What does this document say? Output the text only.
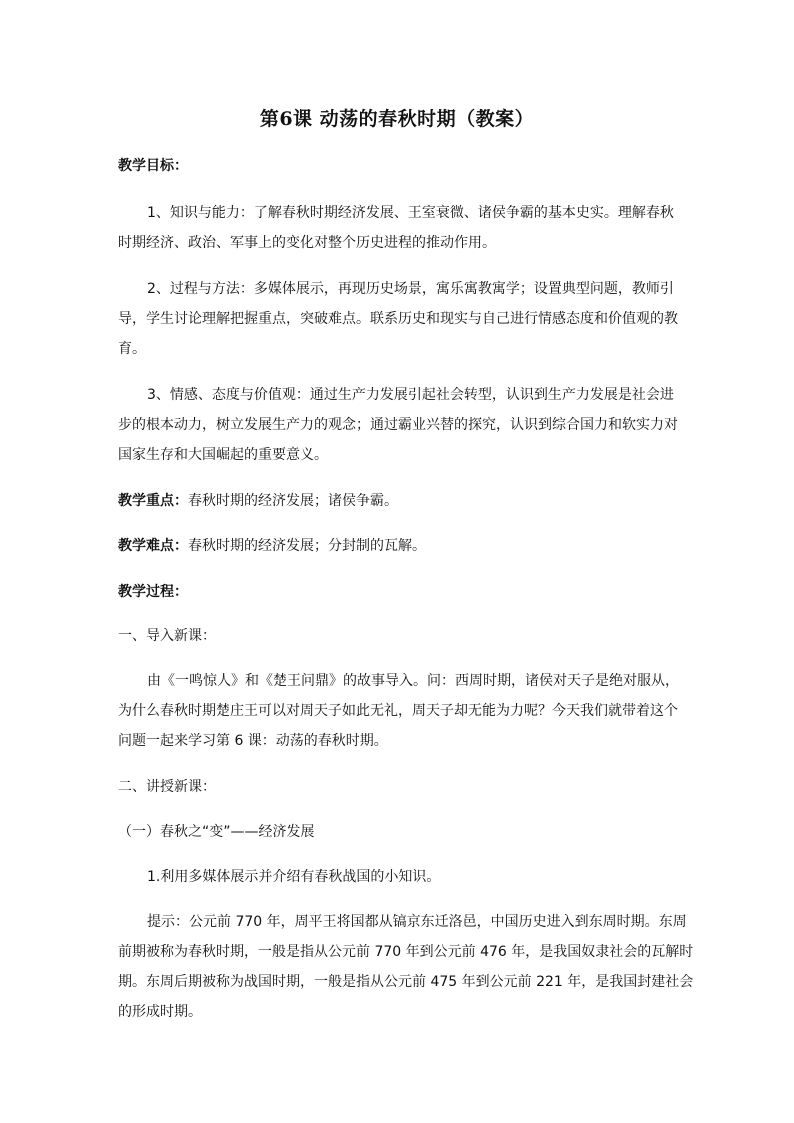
第6课 动荡的春秋时期（教案）
教学目标：
1、知识与能力：了解春秋时期经济发展、王室衰微、诸侯争霸的基本史实。理解春秋
时期经济、政治、军事上的变化对整个历史进程的推动作用。
2、过程与方法：多媒体展示，再现历史场景，寓乐寓教寓学；设置典型问题，教师引
导，学生讨论理解把握重点，突破难点。联系历史和现实与自己进行情感态度和价值观的教
育。
3、情感、态度与价值观：通过生产力发展引起社会转型，认识到生产力发展是社会进
步的根本动力，树立发展生产力的观念；通过霸业兴替的探究，认识到综合国力和软实力对
国家生存和大国崛起的重要意义。
教学重点：春秋时期的经济发展；诸侯争霸。
教学难点：春秋时期的经济发展；分封制的瓦解。
教学过程：
一、导入新课：
由《一鸣惊人》和《楚王问鼎》的故事导入。问：西周时期，诸侯对天子是绝对服从，
为什么春秋时期楚庄王可以对周天子如此无礼，周天子却无能为力呢？今天我们就带着这个
问题一起来学习第 6 课：动荡的春秋时期。
二、讲授新课：
（一）春秋之“变”——经济发展
1.利用多媒体展示并介绍有春秋战国的小知识。
提示：公元前 770 年，周平王将国都从镐京东迁洛邑，中国历史进入到东周时期。东周
前期被称为春秋时期，一般是指从公元前 770 年到公元前 476 年，是我国奴隶社会的瓦解时
期。东周后期被称为战国时期，一般是指从公元前 475 年到公元前 221 年，是我国封建社会
的形成时期。
